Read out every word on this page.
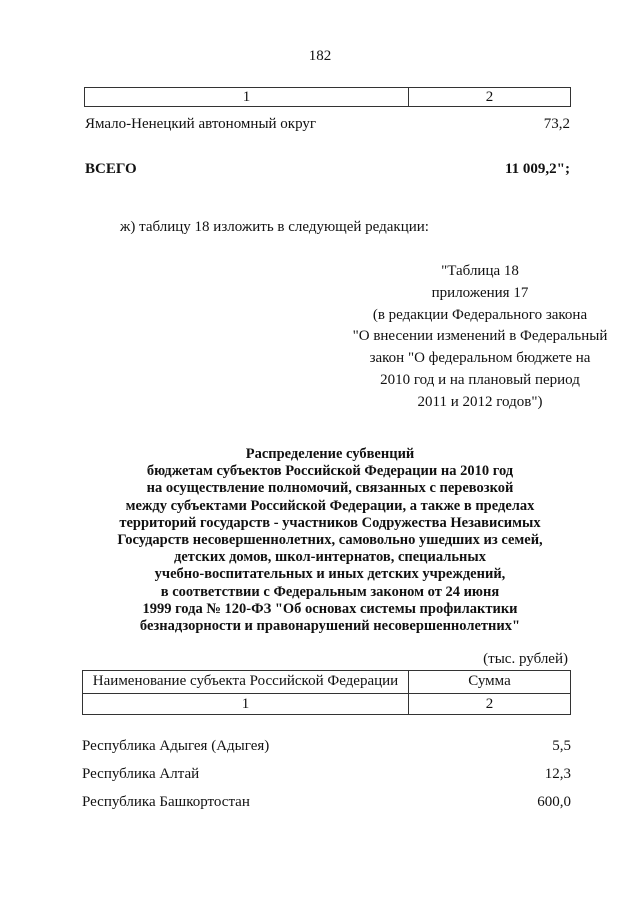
182
1	2
Ямало-Ненецкий автономный округ	73,2
ВСЕГО	11 009,2";
ж) таблицу 18 изложить в следующей редакции:
"Таблица 18
приложения 17
(в редакции Федерального закона
"О внесении изменений в Федеральный
закон "О федеральном бюджете на
2010 год и на плановый период
2011 и 2012 годов")
Распределение субвенций
бюджетам субъектов Российской Федерации на 2010 год
на осуществление полномочий, связанных с перевозкой
между субъектами Российской Федерации, а также в пределах
территорий государств - участников Содружества Независимых
Государств несовершеннолетних, самовольно ушедших из семей,
детских домов, школ-интернатов, специальных
учебно-воспитательных и иных детских учреждений,
в соответствии с Федеральным законом от 24 июня
1999 года № 120-ФЗ "Об основах системы профилактики
безнадзорности и правонарушений несовершеннолетних"
(тыс. рублей)
Наименование субъекта Российской Федерации	Сумма
1	2
Республика Адыгея (Адыгея)	5,5
Республика Алтай	12,3
Республика Башкортостан	600,0
